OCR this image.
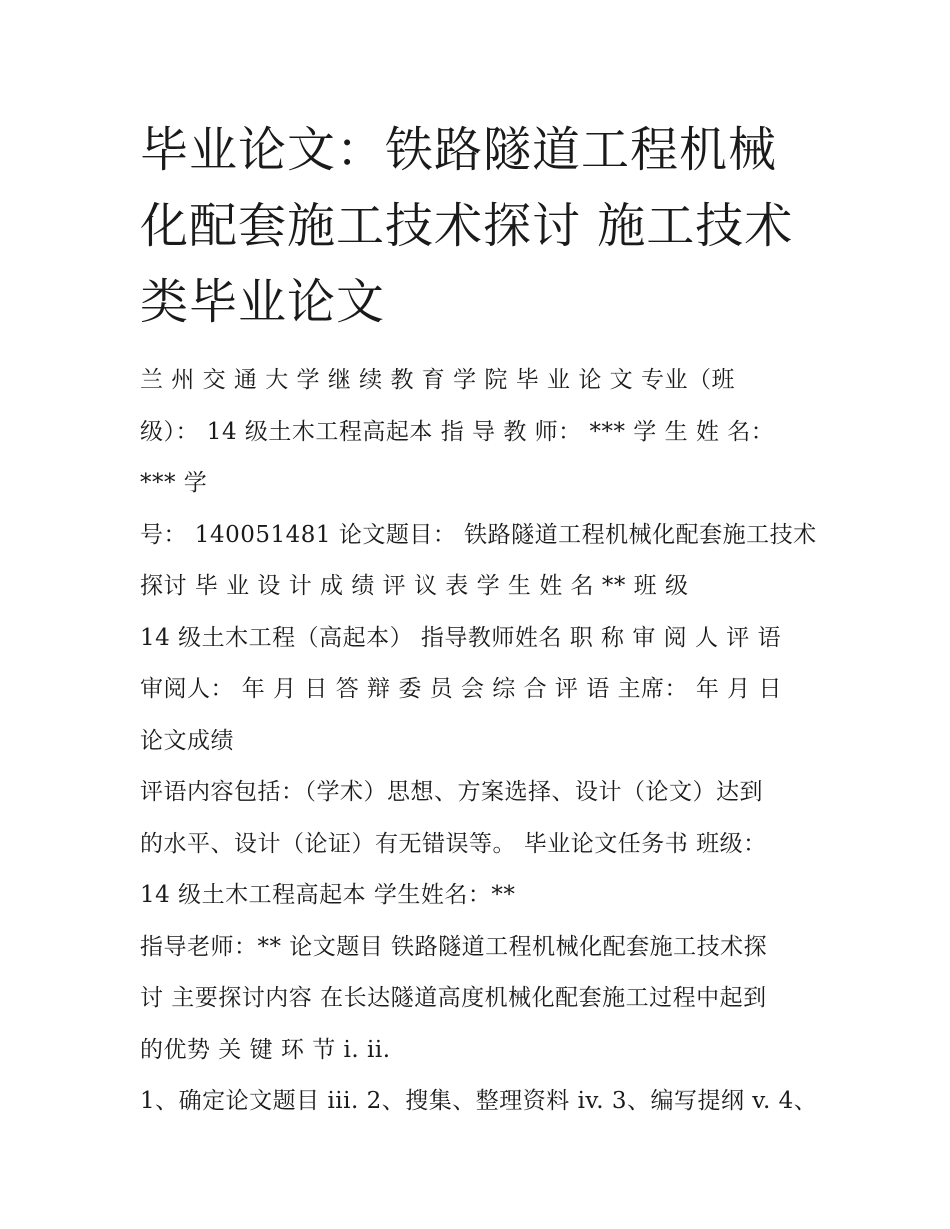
毕业论文：铁路隧道工程机械
化配套施工技术探讨 施工技术
类毕业论文
兰 州 交 通 大 学 继 续 教 育 学 院 毕 业 论 文 专业（班
级）： 14 级土木工程高起本 指 导 教 师： *** 学 生 姓 名：
*** 学
号： 140051481 论文题目： 铁路隧道工程机械化配套施工技术
探讨 毕 业 设 计 成 绩 评 议 表 学 生 姓 名 ** 班 级
14 级土木工程（高起本） 指导教师姓名 职 称 审 阅 人 评 语
审阅人： 年 月 日 答 辩 委 员 会 综 合 评 语 主席： 年 月 日
论文成绩
评语内容包括：（学术）思想、方案选择、设计（论文）达到
的水平、设计（论证）有无错误等。 毕业论文任务书 班级：
14 级土木工程高起本 学生姓名：**
指导老师：** 论文题目 铁路隧道工程机械化配套施工技术探
讨 主要探讨内容 在长达隧道高度机械化配套施工过程中起到
的优势 关 键 环 节 i. ii.
1、确定论文题目 iii. 2、搜集、整理资料 iv. 3、编写提纲 v. 4、
